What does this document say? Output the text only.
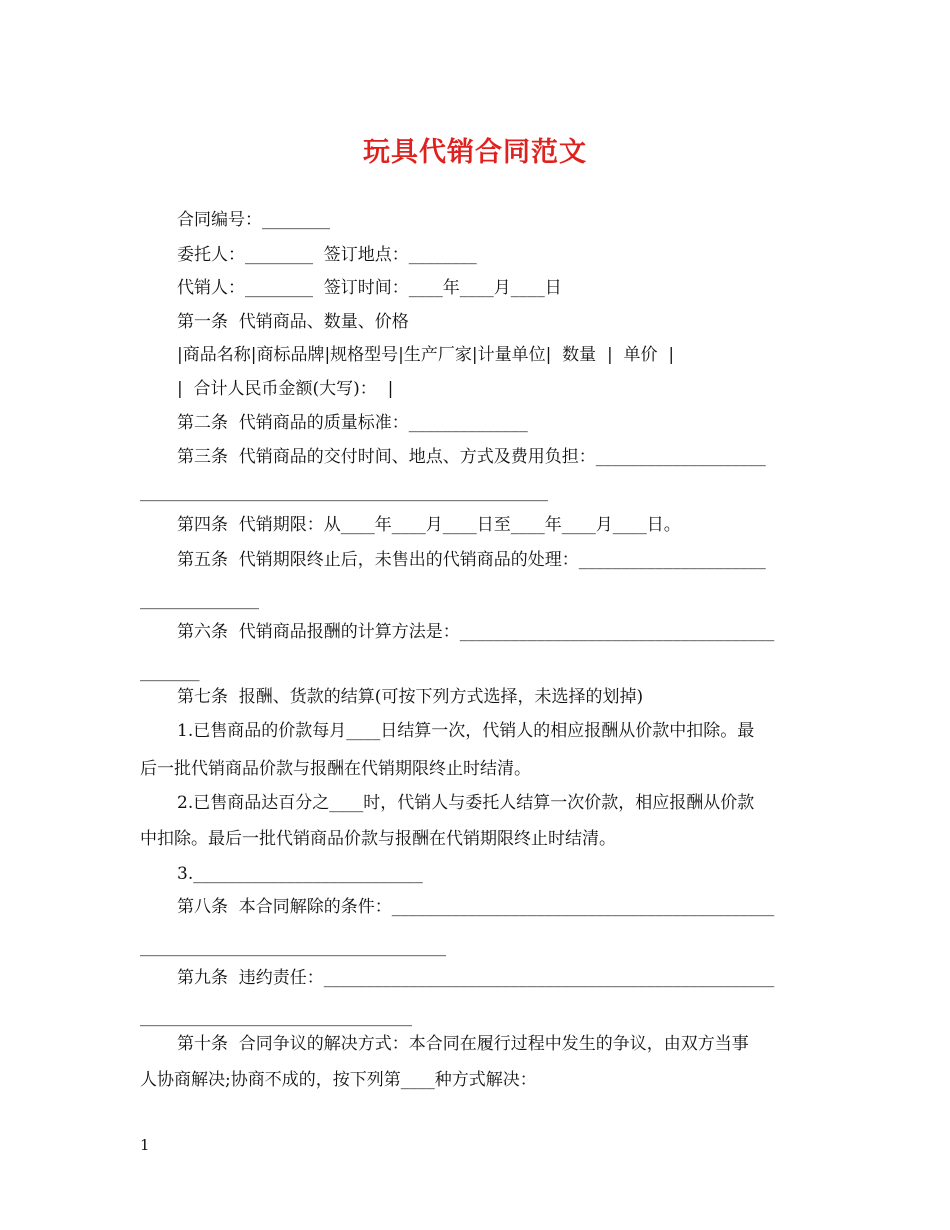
玩具代销合同范文
合同编号：________
委托人：________  签订地点：________
代销人：________  签订时间：____年____月____日
第一条  代销商品、数量、价格
|商品名称|商标品牌|规格型号|生产厂家|计量单位|  数量  |  单价  |
|  合计人民币金额(大写)：  |
第二条  代销商品的质量标准：______________
第三条  代销商品的交付时间、地点、方式及费用负担：____________________
________________________________________________
第四条  代销期限：从____年____月____日至____年____月____日。
第五条  代销期限终止后，未售出的代销商品的处理：______________________
______________
第六条  代销商品报酬的计算方法是：_____________________________________
_______
第七条  报酬、货款的结算(可按下列方式选择，未选择的划掉)
1.已售商品的价款每月____日结算一次，代销人的相应报酬从价款中扣除。最
后一批代销商品价款与报酬在代销期限终止时结清。
2.已售商品达百分之____时，代销人与委托人结算一次价款，相应报酬从价款
中扣除。最后一批代销商品价款与报酬在代销期限终止时结清。
3.___________________________
第八条  本合同解除的条件：_____________________________________________
____________________________________
第九条  违约责任：_____________________________________________________
________________________________
第十条  合同争议的解决方式：本合同在履行过程中发生的争议，由双方当事
人协商解决;协商不成的，按下列第____种方式解决：
1
